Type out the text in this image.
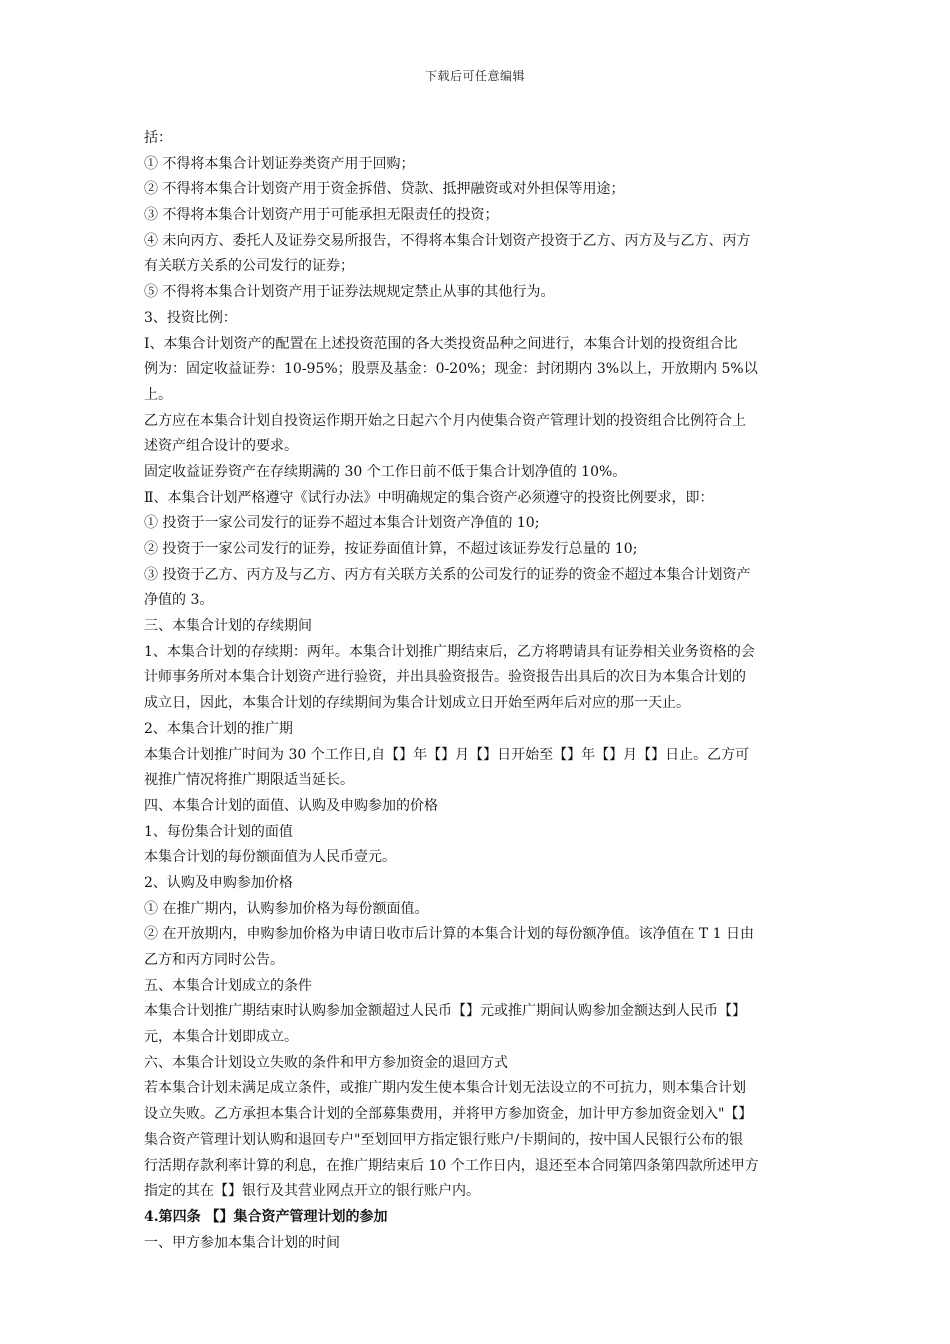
下载后可任意编辑
括：
① 不得将本集合计划证券类资产用于回购；
② 不得将本集合计划资产用于资金拆借、贷款、抵押融资或对外担保等用途；
③ 不得将本集合计划资产用于可能承担无限责任的投资；
④ 未向丙方、委托人及证券交易所报告，不得将本集合计划资产投资于乙方、丙方及与乙方、丙方
有关联方关系的公司发行的证券；
⑤ 不得将本集合计划资产用于证券法规规定禁止从事的其他行为。
3、投资比例：
Ⅰ、本集合计划资产的配置在上述投资范围的各大类投资品种之间进行，本集合计划的投资组合比
例为：固定收益证券：10-95%；股票及基金：0-20%；现金：封闭期内 3%以上，开放期内 5%以
上。
乙方应在本集合计划自投资运作期开始之日起六个月内使集合资产管理计划的投资组合比例符合上
述资产组合设计的要求。
固定收益证券资产在存续期满的 30 个工作日前不低于集合计划净值的 10%。
Ⅱ、本集合计划严格遵守《试行办法》中明确规定的集合资产必须遵守的投资比例要求，即：
① 投资于一家公司发行的证券不超过本集合计划资产净值的 10;
② 投资于一家公司发行的证券，按证券面值计算，不超过该证券发行总量的 10;
③ 投资于乙方、丙方及与乙方、丙方有关联方关系的公司发行的证券的资金不超过本集合计划资产
净值的 3。
三、本集合计划的存续期间
1、本集合计划的存续期：两年。本集合计划推广期结束后，乙方将聘请具有证券相关业务资格的会
计师事务所对本集合计划资产进行验资，并出具验资报告。验资报告出具后的次日为本集合计划的
成立日，因此，本集合计划的存续期间为集合计划成立日开始至两年后对应的那一天止。
2、本集合计划的推广期
本集合计划推广时间为 30 个工作日,自【】年【】月【】日开始至【】年【】月【】日止。乙方可
视推广情况将推广期限适当延长。
四、本集合计划的面值、认购及申购参加的价格
1、每份集合计划的面值
本集合计划的每份额面值为人民币壹元。
2、认购及申购参加价格
① 在推广期内，认购参加价格为每份额面值。
② 在开放期内，申购参加价格为申请日收市后计算的本集合计划的每份额净值。该净值在 T 1 日由
乙方和丙方同时公告。
五、本集合计划成立的条件
本集合计划推广期结束时认购参加金额超过人民币【】元或推广期间认购参加金额达到人民币【】
元，本集合计划即成立。
六、本集合计划设立失败的条件和甲方参加资金的退回方式
若本集合计划未满足成立条件，或推广期内发生使本集合计划无法设立的不可抗力，则本集合计划
设立失败。乙方承担本集合计划的全部募集费用，并将甲方参加资金，加计甲方参加资金划入"【】
集合资产管理计划认购和退回专户"至划回甲方指定银行账户/卡期间的，按中国人民银行公布的银
行活期存款利率计算的利息，在推广期结束后 10 个工作日内，退还至本合同第四条第四款所述甲方
指定的其在【】银行及其营业网点开立的银行账户内。
4.第四条 【】集合资产管理计划的参加
一、甲方参加本集合计划的时间
